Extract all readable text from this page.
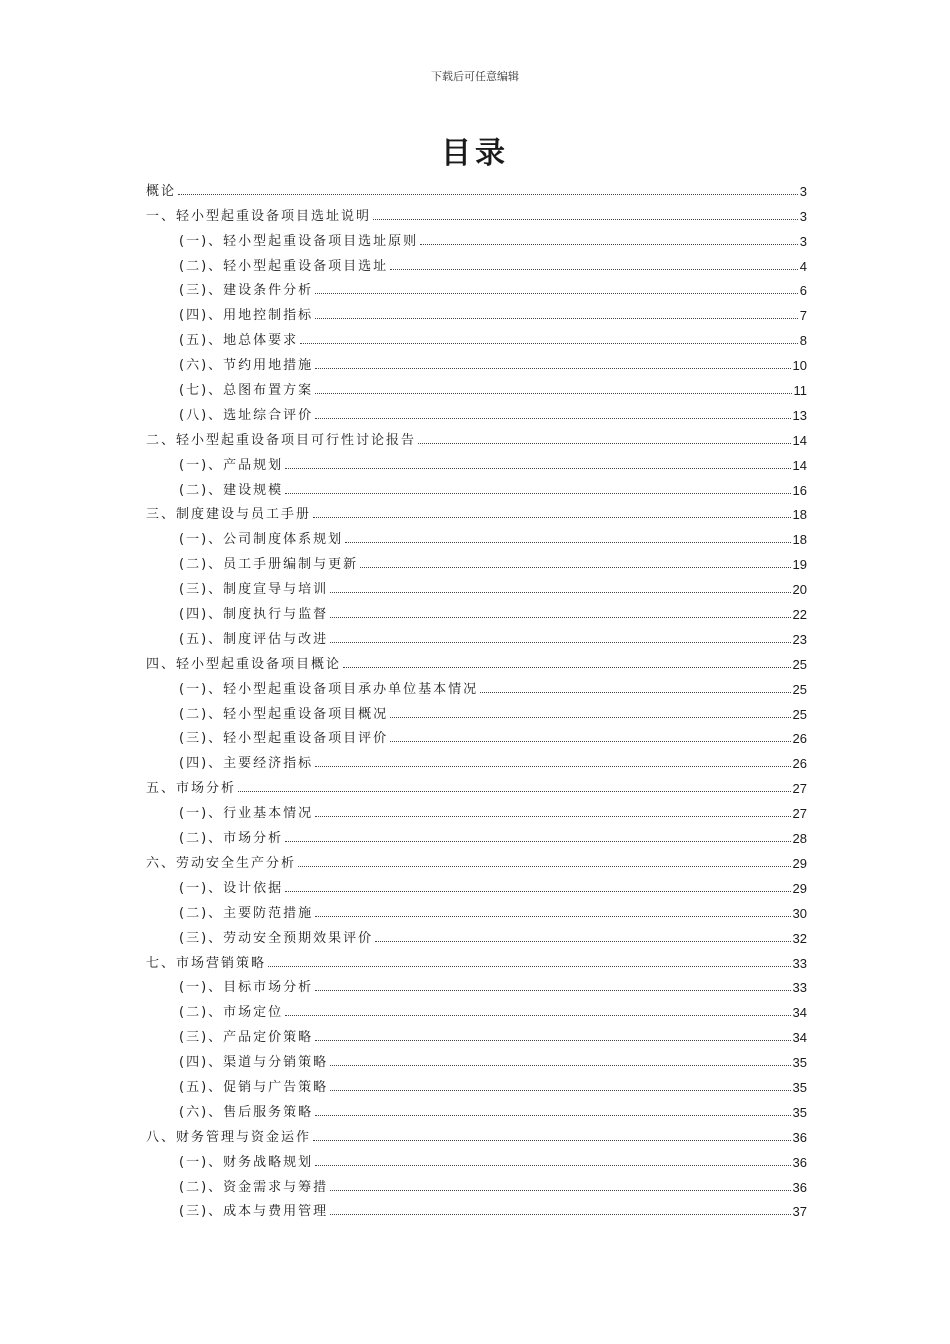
下载后可任意编辑
目录
概论	3
一、轻小型起重设备项目选址说明	3
(一)、轻小型起重设备项目选址原则	3
(二)、轻小型起重设备项目选址	4
(三)、建设条件分析	6
(四)、用地控制指标	7
(五)、地总体要求	8
(六)、节约用地措施	10
(七)、总图布置方案	11
(八)、选址综合评价	13
二、轻小型起重设备项目可行性讨论报告	14
(一)、产品规划	14
(二)、建设规模	16
三、制度建设与员工手册	18
(一)、公司制度体系规划	18
(二)、员工手册编制与更新	19
(三)、制度宣导与培训	20
(四)、制度执行与监督	22
(五)、制度评估与改进	23
四、轻小型起重设备项目概论	25
(一)、轻小型起重设备项目承办单位基本情况	25
(二)、轻小型起重设备项目概况	25
(三)、轻小型起重设备项目评价	26
(四)、主要经济指标	26
五、市场分析	27
(一)、行业基本情况	27
(二)、市场分析	28
六、劳动安全生产分析	29
(一)、设计依据	29
(二)、主要防范措施	30
(三)、劳动安全预期效果评价	32
七、市场营销策略	33
(一)、目标市场分析	33
(二)、市场定位	34
(三)、产品定价策略	34
(四)、渠道与分销策略	35
(五)、促销与广告策略	35
(六)、售后服务策略	35
八、财务管理与资金运作	36
(一)、财务战略规划	36
(二)、资金需求与筹措	36
(三)、成本与费用管理	37
